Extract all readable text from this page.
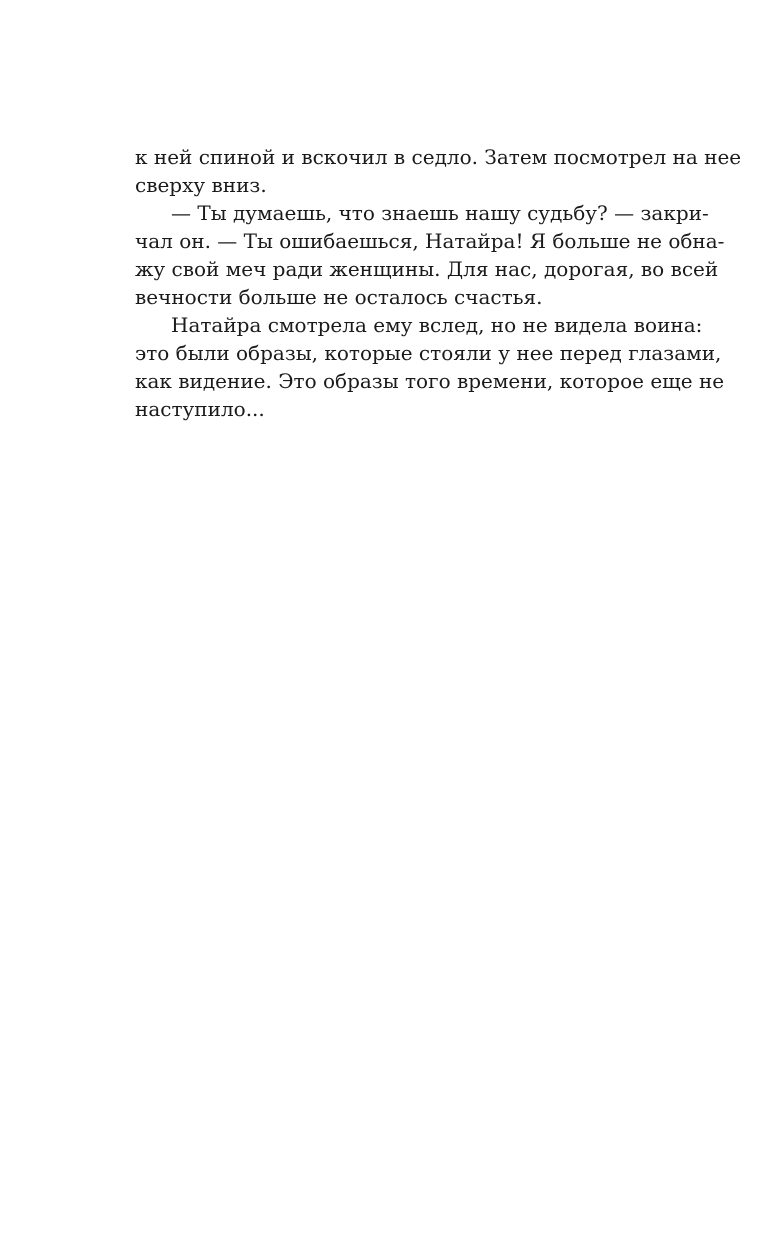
к ней спиной и вскочил в седло. Затем посмотрел на нее
сверху вниз.
— Ты думаешь, что знаешь нашу судьбу? — закри-
чал он. — Ты ошибаешься, Натайра! Я больше не обна-
жу свой меч ради женщины. Для нас, дорогая, во всей
вечности больше не осталось счастья.
Натайра смотрела ему вслед, но не видела воина:
это были образы, которые стояли у нее перед глазами,
как видение. Это образы того времени, которое еще не
наступило...
